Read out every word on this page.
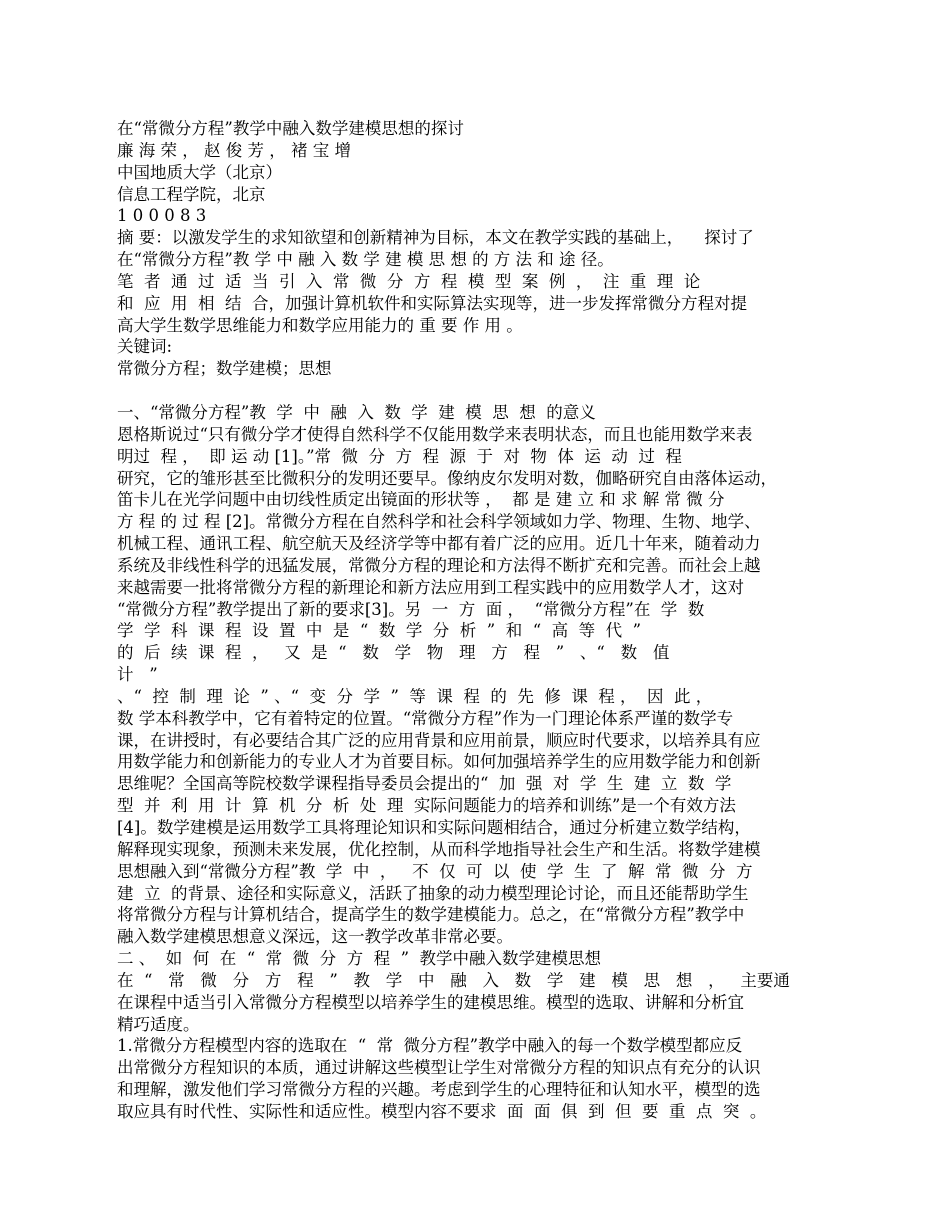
在“常微分方程”教学中融入数学建模思想的探讨
廉 海 荣 ， 赵 俊 芳 ， 褚 宝 增
中国地质大学（北京）
信息工程学院，北京
1 0 0 0 8 3
摘 要：以激发学生的求知欲望和创新精神为目标，本文在教学实践的基础上，    探讨了
在“常微分方程”教 学 中 融 入 数 学 建 模 思 想 的 方 法 和 途 径。
笔  者  通  过  适  当  引  入  常  微  分  方  程  模  型  案  例  ，  注  重  理  论
和  应  用  相  结  合，加强计算机软件和实际算法实现等，进一步发挥常微分方程对提
高大学生数学思维能力和数学应用能力的 重 要 作 用 。
关键词:
常微分方程；数学建模；思想
一、“常微分方程”教  学  中  融  入  数  学  建  模  思  想  的意义
恩格斯说过“只有微分学才使得自然科学不仅能用数学来表明状态，而且也能用数学来表
明过  程 ，  即 运 动 [1]。”常  微  分  方  程  源  于  对  物  体  运  动  过  程
研究，它的雏形甚至比微积分的发明还要早。像纳皮尔发明对数，伽略研究自由落体运动，
笛卡儿在光学问题中由切线性质定出镜面的形状等 ，  都 是 建 立 和 求 解 常 微 分
方 程 的 过 程 [2]。常微分方程在自然科学和社会科学领域如力学、物理、生物、地学、
机械工程、通讯工程、航空航天及经济学等中都有着广泛的应用。近几十年来，随着动力
系统及非线性科学的迅猛发展，常微分方程的理论和方法得不断扩充和完善。而社会上越
来越需要一批将常微分方程的新理论和新方法应用到工程实践中的应用数学人才，这对
“常微分方程”教学提出了新的要求[3]。另  一  方  面 ，  “常微分方程”在  学  数
学  学  科  课  程  设  置  中  是  “  数  学  分  析  ”  和  “  高  等  代  ”
的  后  续  课  程  ，   又  是  “   数   学   物   理   方   程   ”   、“   数   值
计   ”
、“  控  制  理  论  ” 、“  变  分  学  ”  等  课  程  的  先  修  课  程 ，  因  此 ，
数 学本科教学中，它有着特定的位置。“常微分方程”作为一门理论体系严谨的数学专
课，在讲授时，有必要结合其广泛的应用背景和应用前景，顺应时代要求，以培养具有应
用数学能力和创新能力的专业人才为首要目标。如何加强培养学生的应用数学能力和创新
思维呢？全国高等院校数学课程指导委员会提出的“  加  强  对  学  生  建  立  数  学
型  并  利  用  计  算  机  分  析  处  理  实际问题能力的培养和训练”是一个有效方法
[4]。数学建模是运用数学工具将理论知识和实际问题相结合，通过分析建立数学结构，
解释现实现象，预测未来发展，优化控制，从而科学地指导社会生产和生活。将数学建模
思想融入到“常微分方程”教  学  中  ，   不  仅  可  以  使  学  生  了  解  常  微  分  方
建  立  的背景、途径和实际意义，活跃了抽象的动力模型理论讨论，而且还能帮助学生
将常微分方程与计算机结合，提高学生的数学建模能力。总之，在“常微分方程”教学中
融入数学建模思想意义深远，这一教学改革非常必要。
二 、  如  何  在  “  常  微  分  方  程  ”  教学中融入数学建模思想
在  “   常   微   分   方   程   ”   教   学   中   融   入   数   学   建   模   思   想   ，   主要通
在课程中适当引入常微分方程模型以培养学生的建模思维。模型的选取、讲解和分析宜
精巧适度。
1.常微分方程模型内容的选取在  “  常  微分方程”教学中融入的每一个数学模型都应反
出常微分方程知识的本质，通过讲解这些模型让学生对常微分方程的知识点有充分的认识
和理解，激发他们学习常微分方程的兴趣。考虑到学生的心理特征和认知水平，模型的选
取应具有时代性、实际性和适应性。模型内容不要求  面  面  俱  到  但  要  重  点  突  。
